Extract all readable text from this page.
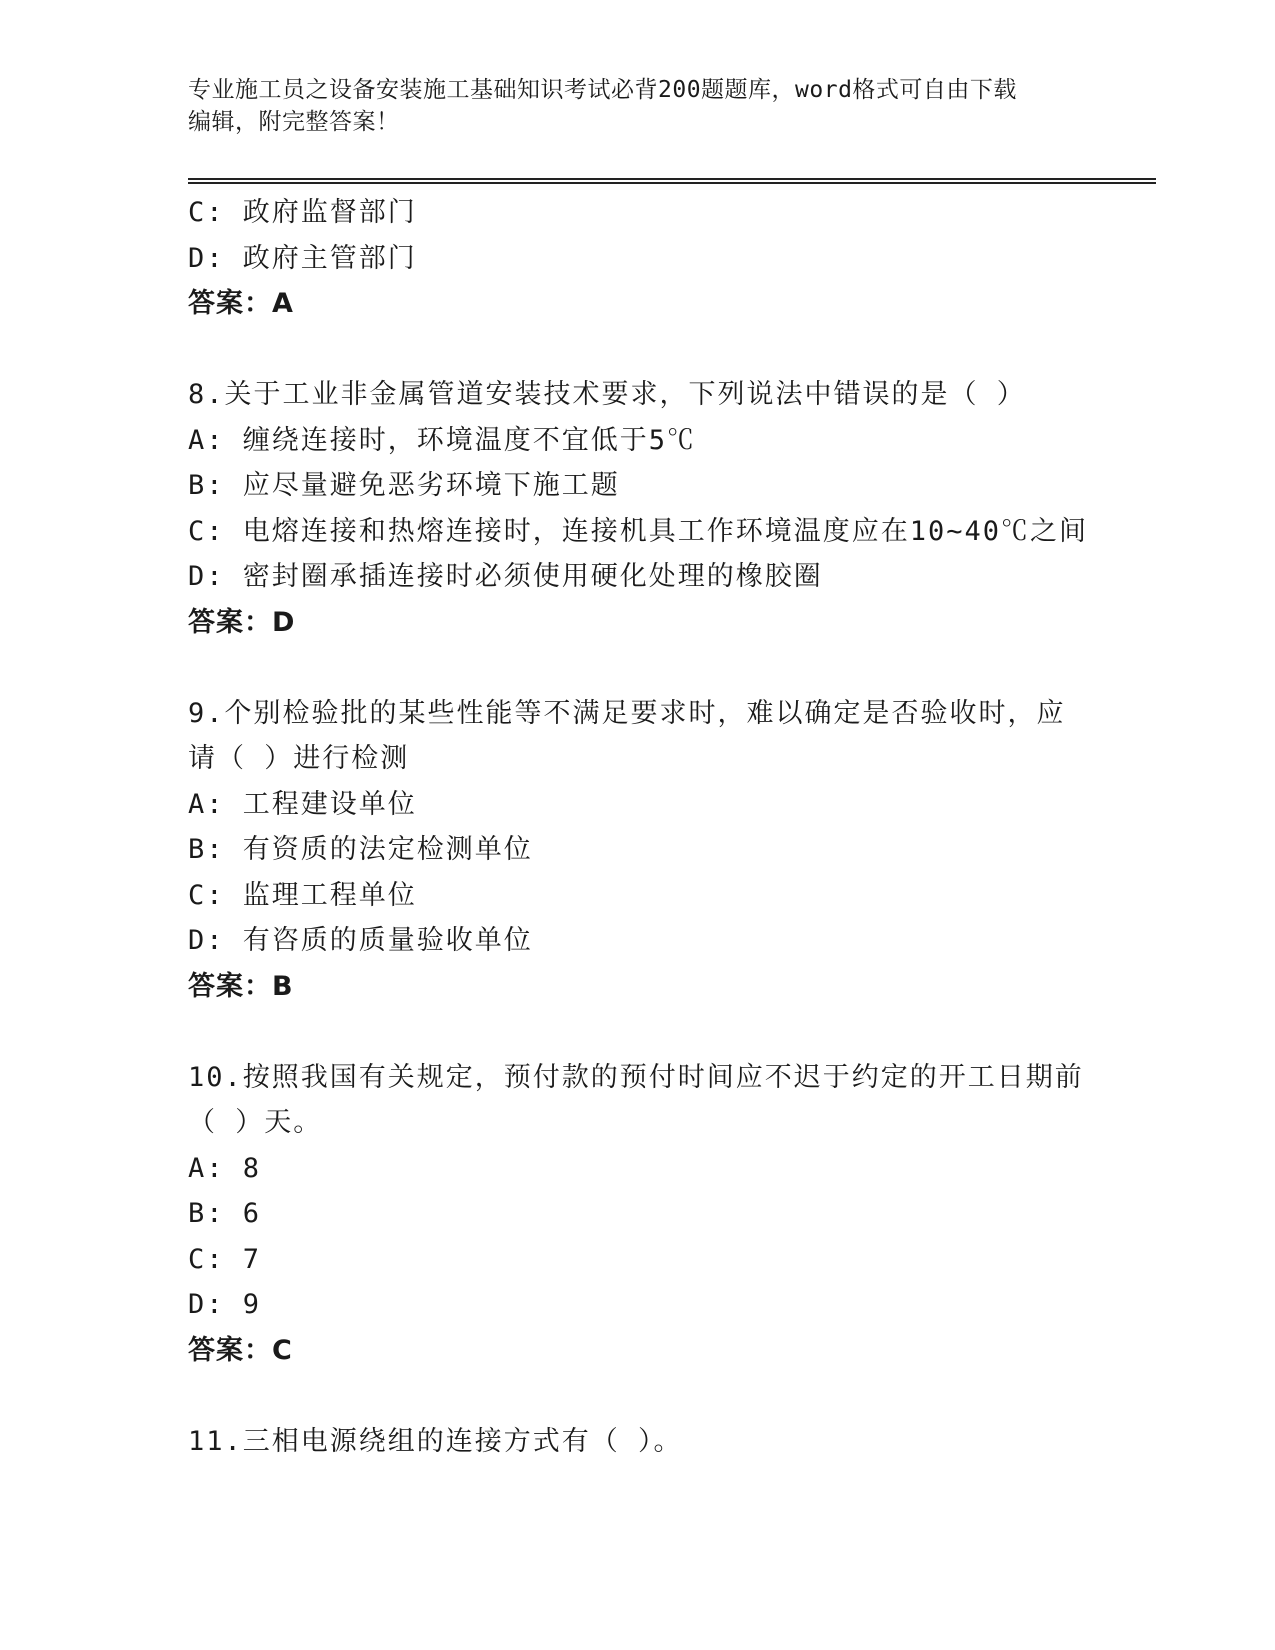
专业施工员之设备安装施工基础知识考试必背200题题库，word格式可自由下载
编辑，附完整答案！
C: 政府监督部门
D: 政府主管部门
答案：A
8.关于工业非金属管道安装技术要求，下列说法中错误的是（ ）
A: 缠绕连接时，环境温度不宜低于5℃
B: 应尽量避免恶劣环境下施工题
C: 电熔连接和热熔连接时，连接机具工作环境温度应在10~40℃之间
D: 密封圈承插连接时必须使用硬化处理的橡胶圈
答案：D
9.个别检验批的某些性能等不满足要求时，难以确定是否验收时，应
请（ ）进行检测
A: 工程建设单位
B: 有资质的法定检测单位
C: 监理工程单位
D: 有咨质的质量验收单位
答案：B
10.按照我国有关规定，预付款的预付时间应不迟于约定的开工日期前
（ ）天。
A: 8
B: 6
C: 7
D: 9
答案：C
11.三相电源绕组的连接方式有（ ）。
